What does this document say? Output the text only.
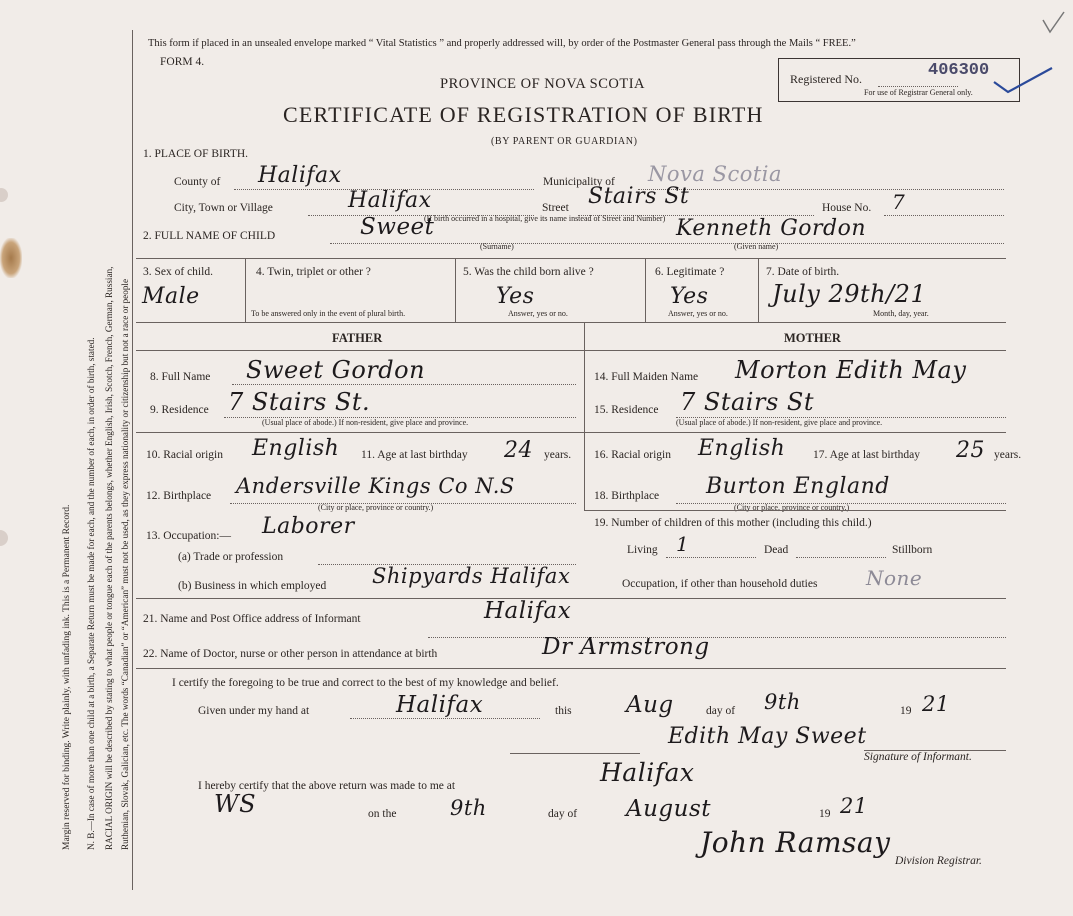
Margin reserved for binding. Write plainly, with unfading ink. This is a Permanent Record. N. B.—In case of more than one child at a birth, a Separate Return must be made for each, and the number of each, in order of birth, stated. RACIAL ORIGIN will be described by stating to what people or tongue each of the parents belongs, whether English, Irish, Scotch, French, German, Russian, Ruthenian, Slovak, Galician, etc. The words “Canadian” or “American” must not be used, as they express nationality or citizenship but not a race or people
This form if placed in an unsealed envelope marked “ Vital Statistics ” and properly addressed will, by order of the Postmaster General pass through the Mails “ FREE.”
FORM 4.
PROVINCE OF NOVA SCOTIA
CERTIFICATE OF REGISTRATION OF BIRTH
(BY PARENT OR GUARDIAN)
Registered No.	406300
For use of Registrar General only.
1. PLACE OF BIRTH.
County of Halifax	Municipality of Nova Scotia
City, Town or Village	Halifax	Street Stairs St	House No. 7
(If birth occurred in a hospital, give its name instead of Street and Number)
2. FULL NAME OF CHILD	Sweet
(Surname)
Kenneth Gordon
(Given name)
3. Sex of child.
Male
4. Twin, triplet or other ?
To be answered only in the event of plural birth.
5. Was the child born alive ?
Yes
Answer, yes or no.
6. Legitimate ?
Yes
Answer, yes or no.
7. Date of birth.
July 29th/21
Month, day, year.
FATHER	MOTHER
8. Full Name Sweet Gordon
9. Residence 7 Stairs St.
(Usual place of abode.) If non-resident, give place and province.
10. Racial origin English 11. Age at last birthday 24 years.
12. Birthplace Andersville Kings Co N.S
(City or place, province or country.)
13. Occupation:— Laborer
(a) Trade or profession
(b) Business in which employed Shipyards Halifax
14. Full Maiden Name Morton Edith May
15. Residence 7 Stairs St
(Usual place of abode.) If non-resident, give place and province.
16. Racial origin English 17. Age at last birthday 25 years.
18. Birthplace Burton England
(City or place, province or country.)
19. Number of children of this mother (including this child.)
Living 1	Dead	Stillborn
Occupation, if other than household duties None
21. Name and Post Office address of Informant	Halifax
22. Name of Doctor, nurse or other person in attendance at birth	Dr Armstrong
I certify the foregoing to be true and correct to the best of my knowledge and belief.
Given under my hand at	Halifax	this Aug	day of 9th	19 21
Edith May Sweet
Signature of Informant.
I hereby certify that the above return was made to me at	Halifax
WS	on the	9th	day of August	19 21
John Ramsay
Division Registrar.
